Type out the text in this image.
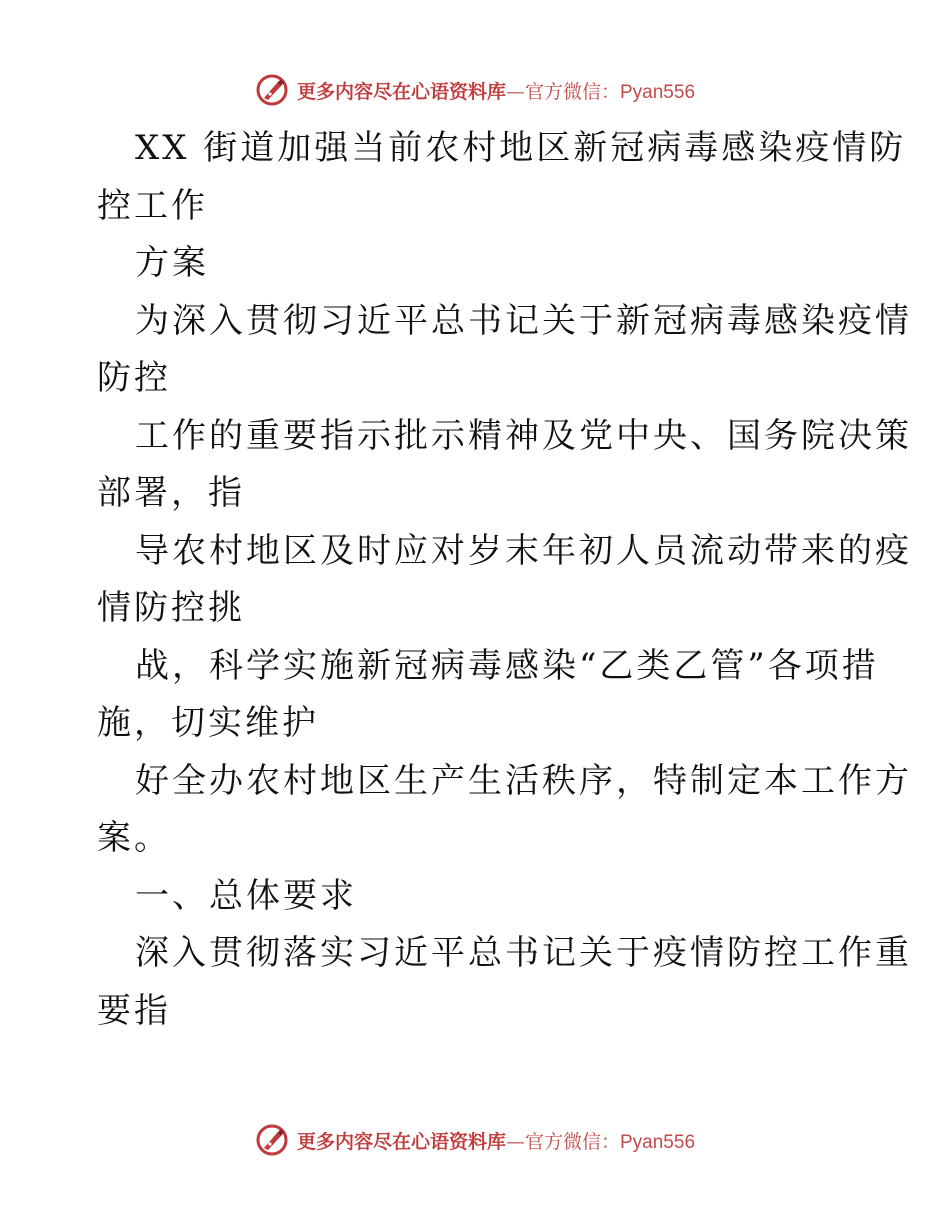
更多内容尽在心语资料库—官方微信：Pyan556
XX 街道加强当前农村地区新冠病毒感染疫情防
控工作
方案
为深入贯彻习近平总书记关于新冠病毒感染疫情
防控
工作的重要指示批示精神及党中央、国务院决策
部署，指
导农村地区及时应对岁末年初人员流动带来的疫
情防控挑
战，科学实施新冠病毒感染“乙类乙管”各项措
施，切实维护
好全办农村地区生产生活秩序，特制定本工作方
案。
一、总体要求
深入贯彻落实习近平总书记关于疫情防控工作重
要指
更多内容尽在心语资料库—官方微信：Pyan556
